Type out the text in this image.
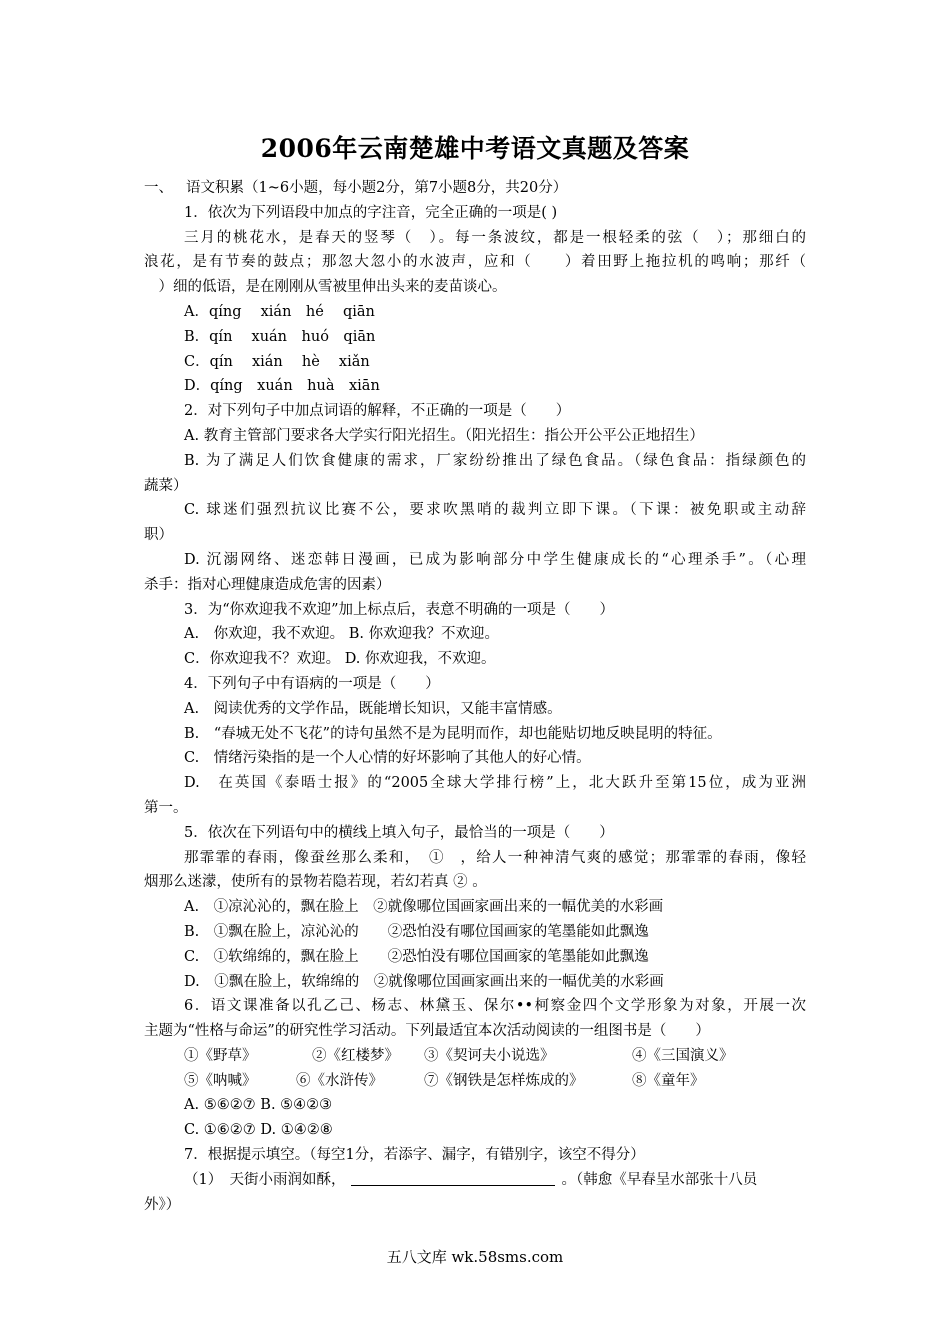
2006年云南楚雄中考语文真题及答案
一、 语文积累（1~6小题，每小题2分，第7小题8分，共20分）
1．依次为下列语段中加点的字注音，完全正确的一项是( )
三月的桃花水，是春天的竖琴（　）。每一条波纹，都是一根轻柔的弦（　）；那细白的
浪花，是有节奏的鼓点；那忽大忽小的水波声，应和（　　）着田野上拖拉机的鸣响；那纤（
　）细的低语，是在刚刚从雪被里伸出头来的麦苗谈心。
A．qíng　 xián　hé　 qiān
B．qín　 xuán　huó　qiān
C．qín　 xián　 hè　 xiǎn
D．qíng　xuán　huà　xiān
2．对下列句子中加点词语的解释，不正确的一项是（　　）
A. 教育主管部门要求各大学实行阳光招生。（阳光招生：指公开公平公正地招生）
B. 为了满足人们饮食健康的需求，厂家纷纷推出了绿色食品。（绿色食品：指绿颜色的
蔬菜）
C. 球迷们强烈抗议比赛不公，要求吹黑哨的裁判立即下课。（下课：被免职或主动辞
职）
D. 沉溺网络、迷恋韩日漫画，已成为影响部分中学生健康成长的“心理杀手”。（心理
杀手：指对心理健康造成危害的因素）
3．为“你欢迎我不欢迎”加上标点后，表意不明确的一项是（　　）
A.　你欢迎，我不欢迎。 B. 你欢迎我？不欢迎。
C．你欢迎我不？欢迎。 D. 你欢迎我，不欢迎。
4．下列句子中有语病的一项是（　　）
A.　阅读优秀的文学作品，既能增长知识，又能丰富情感。
B.　“春城无处不飞花”的诗句虽然不是为昆明而作，却也能贴切地反映昆明的特征。
C.　情绪污染指的是一个人心情的好坏影响了其他人的好心情。
D.　在英国《泰晤士报》的“2005全球大学排行榜”上，北大跃升至第15位，成为亚洲
第一。
5．依次在下列语句中的横线上填入句子，最恰当的一项是（　　）
那霏霏的春雨，像蚕丝那么柔和，　①　，给人一种神清气爽的感觉；那霏霏的春雨，像轻
烟那么迷濛，使所有的景物若隐若现，若幻若真 ② 。
A.　①凉沁沁的，飘在脸上　②就像哪位国画家画出来的一幅优美的水彩画
B.　①飘在脸上，凉沁沁的　　②恐怕没有哪位国画家的笔墨能如此飘逸
C.　①软绵绵的，飘在脸上　　②恐怕没有哪位国画家的笔墨能如此飘逸
D.　①飘在脸上，软绵绵的　②就像哪位国画家画出来的一幅优美的水彩画
6．语文课准备以孔乙己、杨志、林黛玉、保尔••柯察金四个文学形象为对象，开展一次
主题为“性格与命运”的研究性学习活动。下列最适宜本次活动阅读的一组图书是（　　）
①《野草》	②《红楼梦》 ③《契诃夫小说选》	④《三国演义》
⑤《呐喊》	⑥《水浒传》	⑦《钢铁是怎样炼成的》	⑧《童年》
A. ⑤⑥②⑦ B. ⑤④②③
C. ①⑥②⑦ D. ①④②⑧
7．根据提示填空。（每空1分，若添字、漏字，有错别字，该空不得分）
（1）　天街小雨润如酥，	。（韩愈《早春呈水部张十八员
外》）
五八文库 wk.58sms.com
